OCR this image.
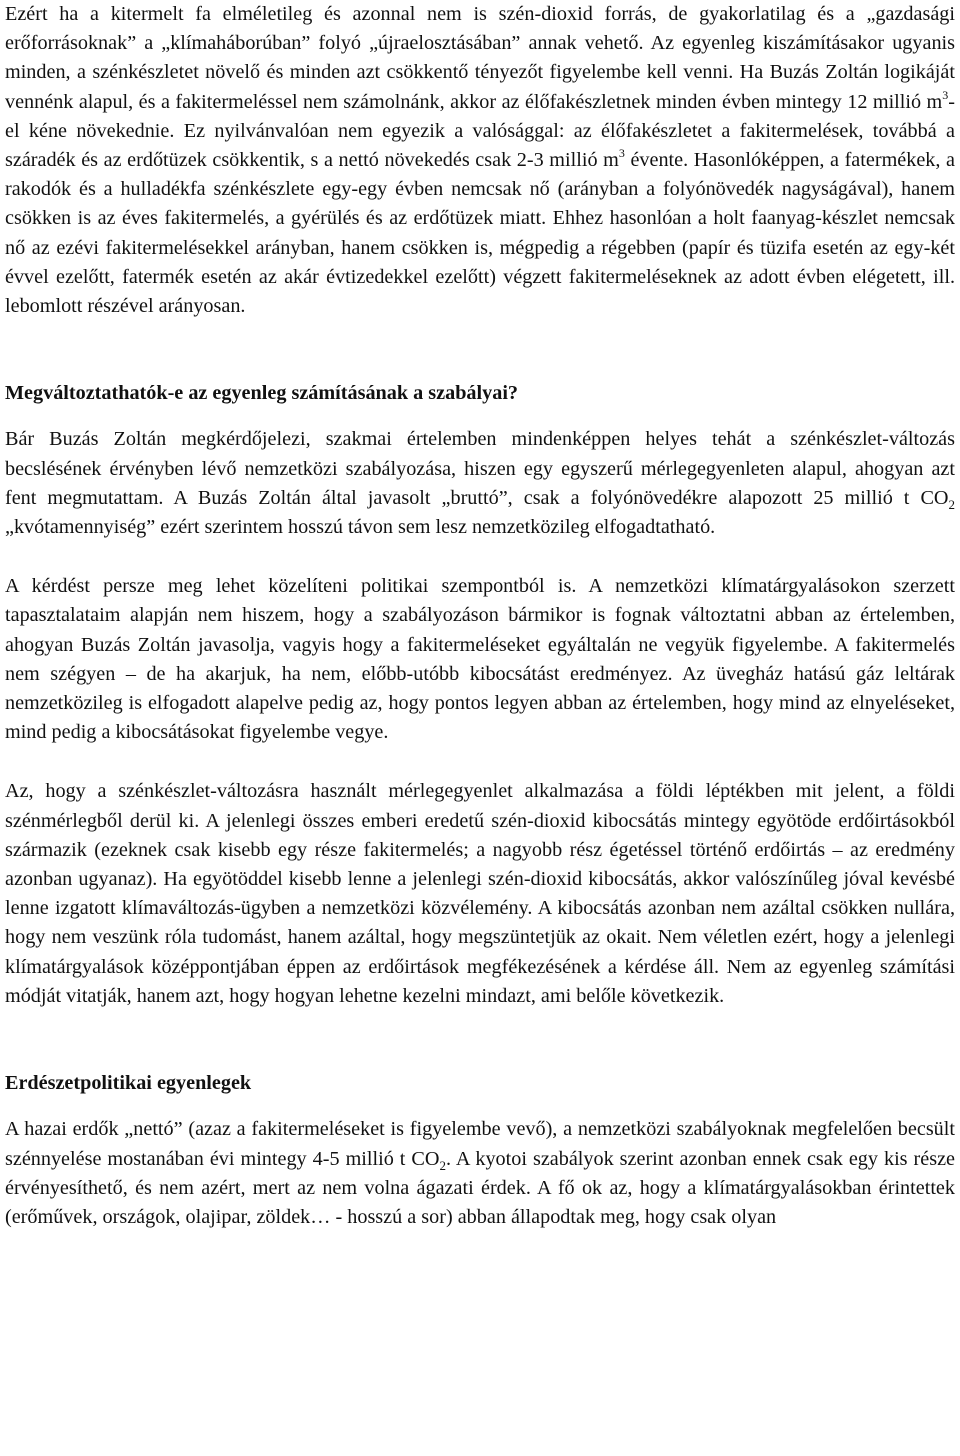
Ezért ha a kitermelt fa elméletileg és azonnal nem is szén-dioxid forrás, de gyakorlatilag és a „gazdasági erőforrásoknak” a „klímaháborúban” folyó „újraelosztásában” annak vehető. Az egyenleg kiszámításakor ugyanis minden, a szénkészletet növelő és minden azt csökkentő tényezőt figyelembe kell venni. Ha Buzás Zoltán logikáját vennénk alapul, és a fakitermeléssel nem számolnánk, akkor az élőfakészletnek minden évben mintegy 12 millió $m^3-el$ kéne növekednie. Ez nyilvánvalóan nem egyezik a valósággal: az élőfakészletet a fakitermelések, továbbá a száradék és az erdőtüzek csökkentik, s a nettó növekedés csak 2-3 millió $m^3$ évente. Hasonlóképpen, a fatermékek, a rakodók és a hulladékfa szénkészlete egy-egy évben nemcsak nő (arányban a folyónövedék nagyságával), hanem csökken is az éves fakitermelés, a gyérülés és az erdőtüzek miatt. Ehhez hasonlóan a holt faanyag-készlet nemcsak nő az ezévi fakitermelésekkel arányban, hanem csökken is, mégpedig a régebben (papír és tüzifa esetén az egy-két évvel ezelőtt, fatermék esetén az akár évtizedekkel ezelőtt) végzett fakitermeléseknek az adott évben elégetett, ill. lebomlott részével arányosan.

Megváltoztathatók-e az egyenleg számításának a szabályai?

Bár Buzás Zoltán megkérdőjelezi, szakmai értelemben mindenképpen helyes tehát a szénkészlet-változás becslésének érvényben lévő nemzetközi szabályozása, hiszen egy egyszerű mérlegegyenleten alapul, ahogyan azt fent megmutattam. A Buzás Zoltán által javasolt „bruttó”, csak a folyónövedékre alapozott 25 millió t $CO_2$ „kvótamennyiség” ezért szerintem hosszú távon sem lesz nemzetközileg elfogadtatható.

A kérdést persze meg lehet közelíteni politikai szempontból is. A nemzetközi klímatárgyalásokon szerzett tapasztalataim alapján nem hiszem, hogy a szabályozáson bármikor is fognak változtatni abban az értelemben, ahogyan Buzás Zoltán javasolja, vagyis hogy a fakitermeléseket egyáltalán ne vegyük figyelembe. A fakitermelés nem szégyen – de ha akarjuk, ha nem, előbb-utóbb kibocsátást eredményez. Az üvegház hatású gáz leltárak nemzetközileg is elfogadott alapelve pedig az, hogy pontos legyen abban az értelemben, hogy mind az elnyeléseket, mind pedig a kibocsátásokat figyelembe vegye.

Az, hogy a szénkészlet-változásra használt mérlegegyenlet alkalmazása a földi léptékben mit jelent, a földi szénmérlegből derül ki. A jelenlegi összes emberi eredetű szén-dioxid kibocsátás mintegy egyötöde erdőirtásokból származik (ezeknek csak kisebb egy része fakitermelés; a nagyobb rész égetéssel történő erdőirtás – az eredmény azonban ugyanaz). Ha egyötöddel kisebb lenne a jelenlegi szén-dioxid kibocsátás, akkor valószínűleg jóval kevésbé lenne izgatott klímaváltozás-ügyben a nemzetközi közvélemény. A kibocsátás azonban nem azáltal csökken nullára, hogy nem veszünk róla tudomást, hanem azáltal, hogy megszüntetjük az okait. Nem véletlen ezért, hogy a jelenlegi klímatárgyalások középpontjában éppen az erdőirtások megfékezésének a kérdése áll. Nem az egyenleg számítási módját vitatják, hanem azt, hogy hogyan lehetne kezelni mindazt, ami belőle következik.

Erdészetpolitikai egyenlegek

A hazai erdők „nettó” (azaz a fakitermeléseket is figyelembe vevő), a nemzetközi szabályoknak megfelelően becsült szénnyelése mostanában évi mintegy 4-5 millió t $CO_2$. A kyotoi szabályok szerint azonban ennek csak egy kis része érvényesíthető, és nem azért, mert az nem volna ágazati érdek. A fő ok az, hogy a klímatárgyalásokban érintettek (erőművek, országok, olajipar, zöldek… - hosszú a sor) abban állapodtak meg, hogy csak olyan
